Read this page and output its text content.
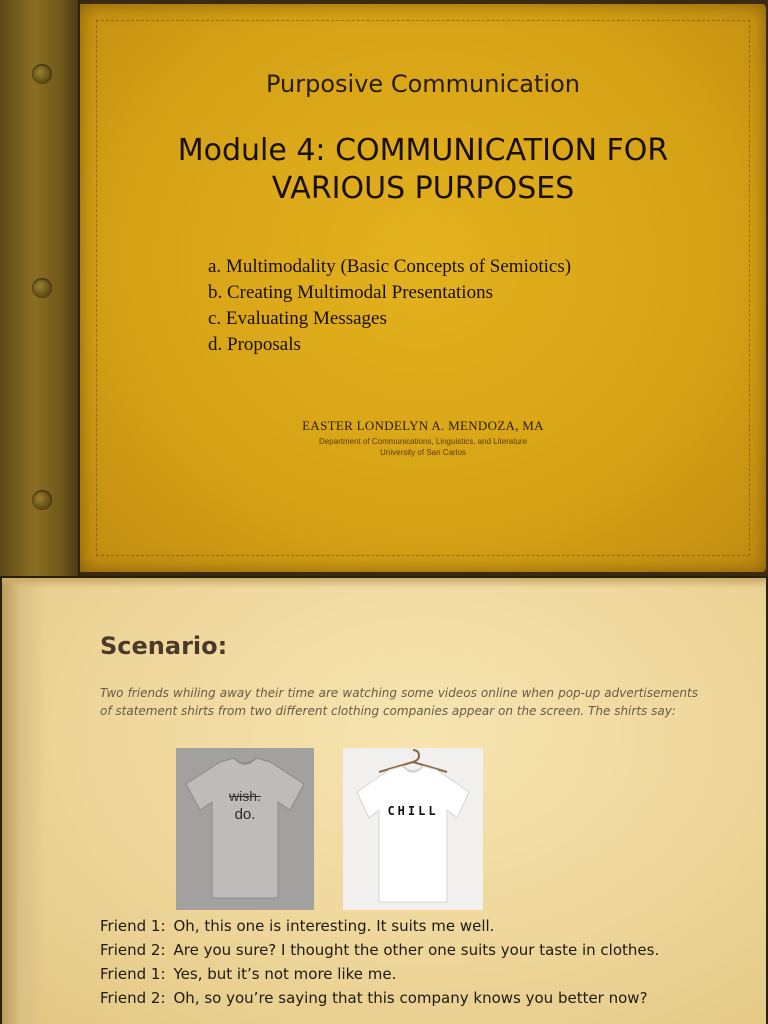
Purposive Communication
Module 4: COMMUNICATION FOR
VARIOUS PURPOSES
a. Multimodality (Basic Concepts of Semiotics)
b. Creating Multimodal Presentations
c. Evaluating Messages
d. Proposals
EASTER LONDELYN A. MENDOZA, MA
Department of Communications, Linguistics, and Literature
University of San Carlos
Scenario:

Two friends whiling away their time are watching some videos online when pop-up advertisements of statement shirts from two different clothing companies appear on the screen. The shirts say:

wish.
do.	CHILL
Friend 1: Oh, this one is interesting. It suits me well.
Friend 2: Are you sure? I thought the other one suits your taste in clothes.
Friend 1: Yes, but it’s not more like me.
Friend 2: Oh, so you’re saying that this company knows you better now?
